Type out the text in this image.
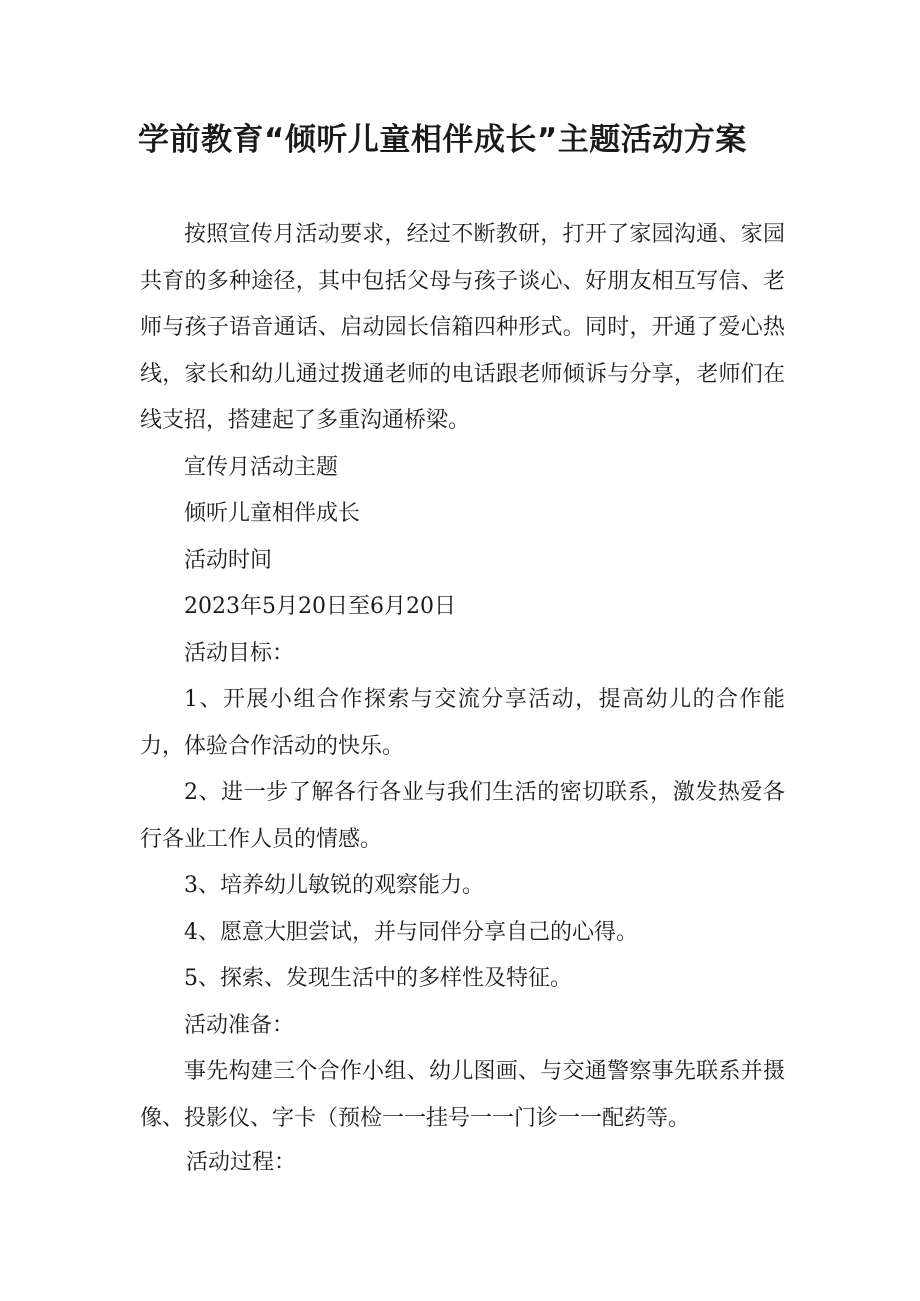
学前教育“倾听儿童相伴成长”主题活动方案

按照宣传月活动要求，经过不断教研，打开了家园沟通、家园共育的多种途径，其中包括父母与孩子谈心、好朋友相互写信、老师与孩子语音通话、启动园长信箱四种形式。同时，开通了爱心热线，家长和幼儿通过拨通老师的电话跟老师倾诉与分享，老师们在线支招，搭建起了多重沟通桥梁。

宣传月活动主题

倾听儿童相伴成长

活动时间

2023年5月20日至6月20日

活动目标：

1、开展小组合作探索与交流分享活动，提高幼儿的合作能力，体验合作活动的快乐。

2、进一步了解各行各业与我们生活的密切联系，激发热爱各行各业工作人员的情感。

3、培养幼儿敏锐的观察能力。

4、愿意大胆尝试，并与同伴分享自己的心得。

5、探索、发现生活中的多样性及特征。

活动准备：

事先构建三个合作小组、幼儿图画、与交通警察事先联系并摄像、投影仪、字卡（预检一一挂号一一门诊一一配药等。

活动过程：
